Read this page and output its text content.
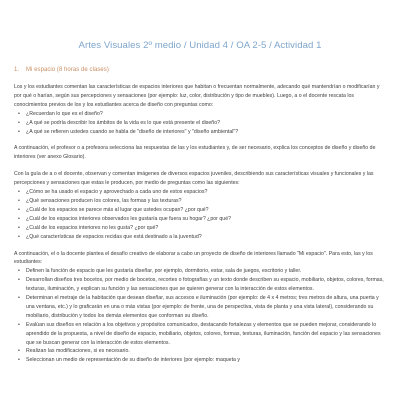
Artes Visuales 2º medio / Unidad 4 / OA 2-5 / Actividad 1
1. Mi espacio (8 horas de clases)

Los y los estudiantes comentan las características de espacios interiores que habitan o frecuentan normalmente, adecando qué mantendrían o modificarían y por qué o harían, según sus percepciones y sensaciones (por ejemplo: luz, color, distribución y tipo de muebles). Luego, a o el docente rescata los conocimientos previos de los y los estudiantes acerca de diseño con preguntas como:

• ¿Recuerdan lo que es el diseño?
• ¿A qué se podría describir los ámbitos de la vida es lo que está presente el diseño?
• ¿A qué se refieren ustedes cuando se habla de "diseño de interiores" y "diseño ambiental"?

A continuación, el profesor o a profesora selecciona las respuestas de las y los estudiantes y, de ser necesario, explica los conceptos de diseño y diseño de interiores (ver anexo Glosario).

Con la guía de a o el docente, observan y comentan imágenes de diversos espacios juveniles, describiendo sus características visuales y funcionales y las percepciones y sensaciones que estas le producen, por medio de preguntas como las siguientes:

• ¿Cómo se ha usado el espacio y aprovechado a cada uno de estos espacios?
• ¿Qué sensaciones producen los colores, las formas y las texturas?
• ¿Cuál de los espacios se parece más al lugar que ustedes ocupan? ¿por qué?
• ¿Cuál de los espacios interiores observados les gustaría que fuera su hogar? ¿por qué?
• ¿Cuál de los espacios interiores no les gusta? ¿por qué?
• ¿Qué características de espacios recidas que está destinado a la juventud?

A continuación, el o la docente plantea el desafío creativo de elaborar a cabo un proyecto de diseño de interiores llamado "Mi espacio". Para esto, las y los estudiantes:

• Definen la función de espacio que les gustaría diseñar, por ejemplo, dormitorio, estar, sala de juegos, escritorio y taller.
• Desarrollan diseños tres bocetos, por medio de bocetos, recortes o fotografías y un texto donde describen su espacio, mobiliario, objetos, colores, formas, texturas, iluminación, y explican su función y las sensaciones que se quieren generar con la interacción de estos elementos.
• Determinan el metraje de la habitación que desean diseñar, sus accesos e iluminación (por ejemplo: de 4 x 4 metros; tres metros de altura, una puerta y una ventana, etc.) y lo graficarán en una o más vistas (por ejemplo: de frente, una de perspectiva, vista de planta y una vista lateral), considerando su mobiliario, distribución y todos los demás elementos que conforman su diseño.
• Evalúan sus diseños en relación a los objetivos y propósitos comunicados, destacando fortalezas y elementos que se pueden mejorar, considerando lo aprendido de la propuesta, a nivel de diseño de espacio, mobiliario, objetos, colores, formas, texturas, iluminación, función del espacio y las sensaciones que se buscan generar con la interacción de estos elementos.
• Realizan las modificaciones, si es necesario.
• Seleccionan un medio de representación de su diseño de interiores (por ejemplo: maqueta y
